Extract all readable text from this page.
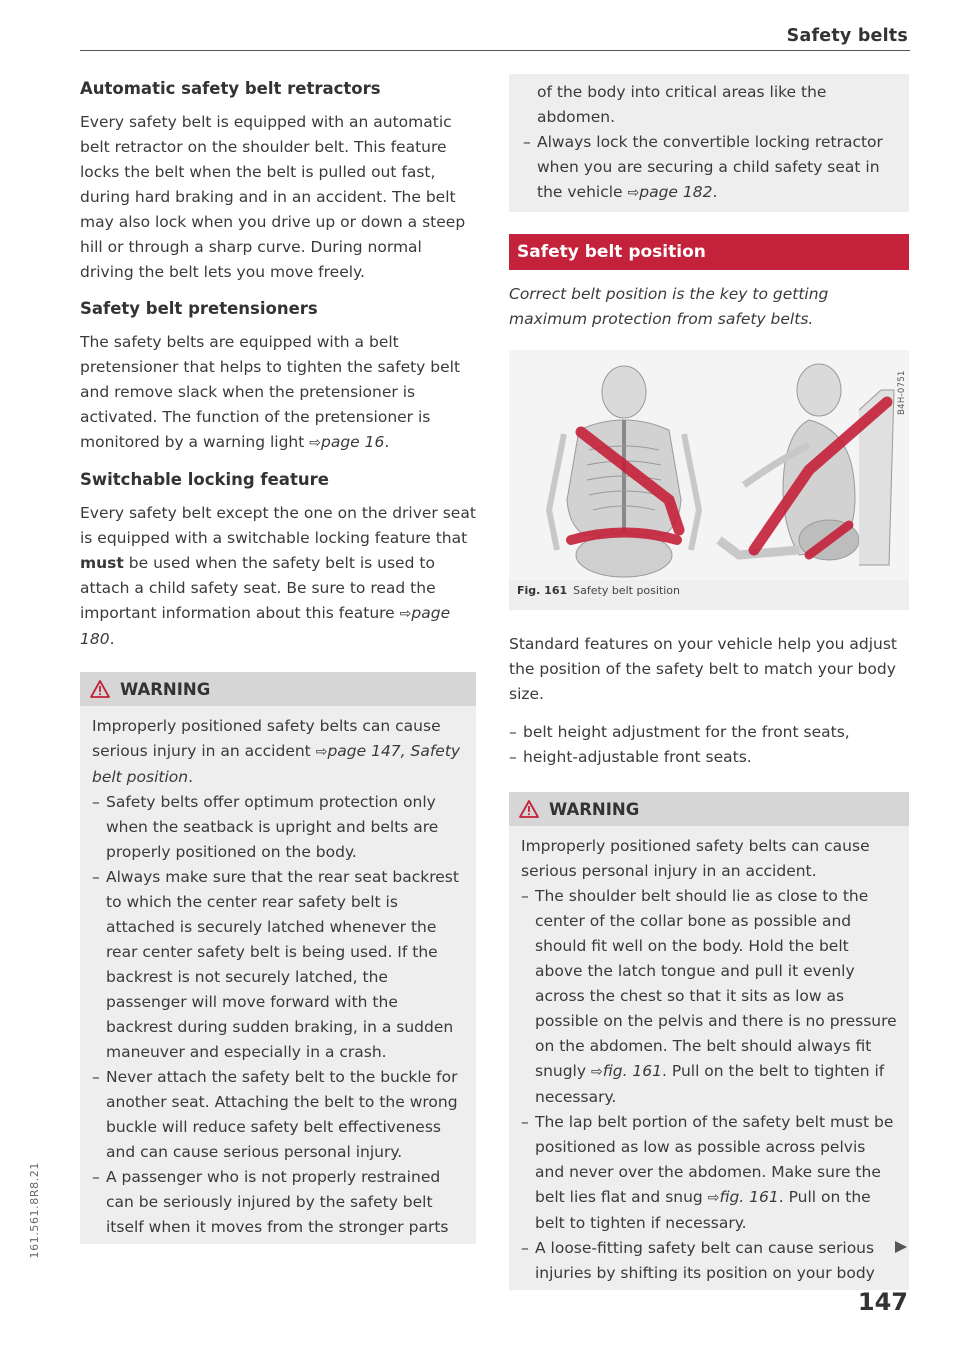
Safety belts
161.561.8R8.21
Automatic safety belt retractors

Every safety belt is equipped with an automatic belt retractor on the shoulder belt. This feature locks the belt when the belt is pulled out fast, during hard braking and in an accident. The belt may also lock when you drive up or down a steep hill or through a sharp curve. During normal driving the belt lets you move freely.

Safety belt pretensioners

The safety belts are equipped with a belt pretensioner that helps to tighten the safety belt and remove slack when the pretensioner is activated. The function of the pretensioner is monitored by a warning light ⇨page 16.

Switchable locking feature

Every safety belt except the one on the driver seat is equipped with a switchable locking feature that must be used when the safety belt is used to attach a child safety seat. Be sure to read the important information about this feature ⇨page 180.

WARNING

Improperly positioned safety belts can cause serious injury in an accident ⇨page 147, Safety belt position.

– Safety belts offer optimum protection only when the seatback is upright and belts are properly positioned on the body.
– Always make sure that the rear seat backrest to which the center rear safety belt is attached is securely latched whenever the rear center safety belt is being used. If the backrest is not securely latched, the passenger will move forward with the backrest during sudden braking, in a sudden maneuver and especially in a crash.
– Never attach the safety belt to the buckle for another seat. Attaching the belt to the wrong buckle will reduce safety belt effectiveness and can cause serious personal injury.
– A passenger who is not properly restrained can be seriously injured by the safety belt itself when it moves from the stronger parts

of the body into critical areas like the abdomen.

– Always lock the convertible locking retractor when you are securing a child safety seat in the vehicle ⇨page 182.
Safety belt position

Correct belt position is the key to getting maximum protection from safety belts.

B4H-0751
Fig. 161 Safety belt position

Standard features on your vehicle help you adjust the position of the safety belt to match your body size.

– belt height adjustment for the front seats,
– height-adjustable front seats.
WARNING

Improperly positioned safety belts can cause serious personal injury in an accident.

– The shoulder belt should lie as close to the center of the collar bone as possible and should fit well on the body. Hold the belt above the latch tongue and pull it evenly across the chest so that it sits as low as possible on the pelvis and there is no pressure on the abdomen. The belt should always fit snugly ⇨fig. 161. Pull on the belt to tighten if necessary.
– The lap belt portion of the safety belt must be positioned as low as possible across pelvis and never over the abdomen. Make sure the belt lies flat and snug ⇨fig. 161. Pull on the belt to tighten if necessary.
– A loose-fitting safety belt can cause serious injuries by shifting its position on your body
147
